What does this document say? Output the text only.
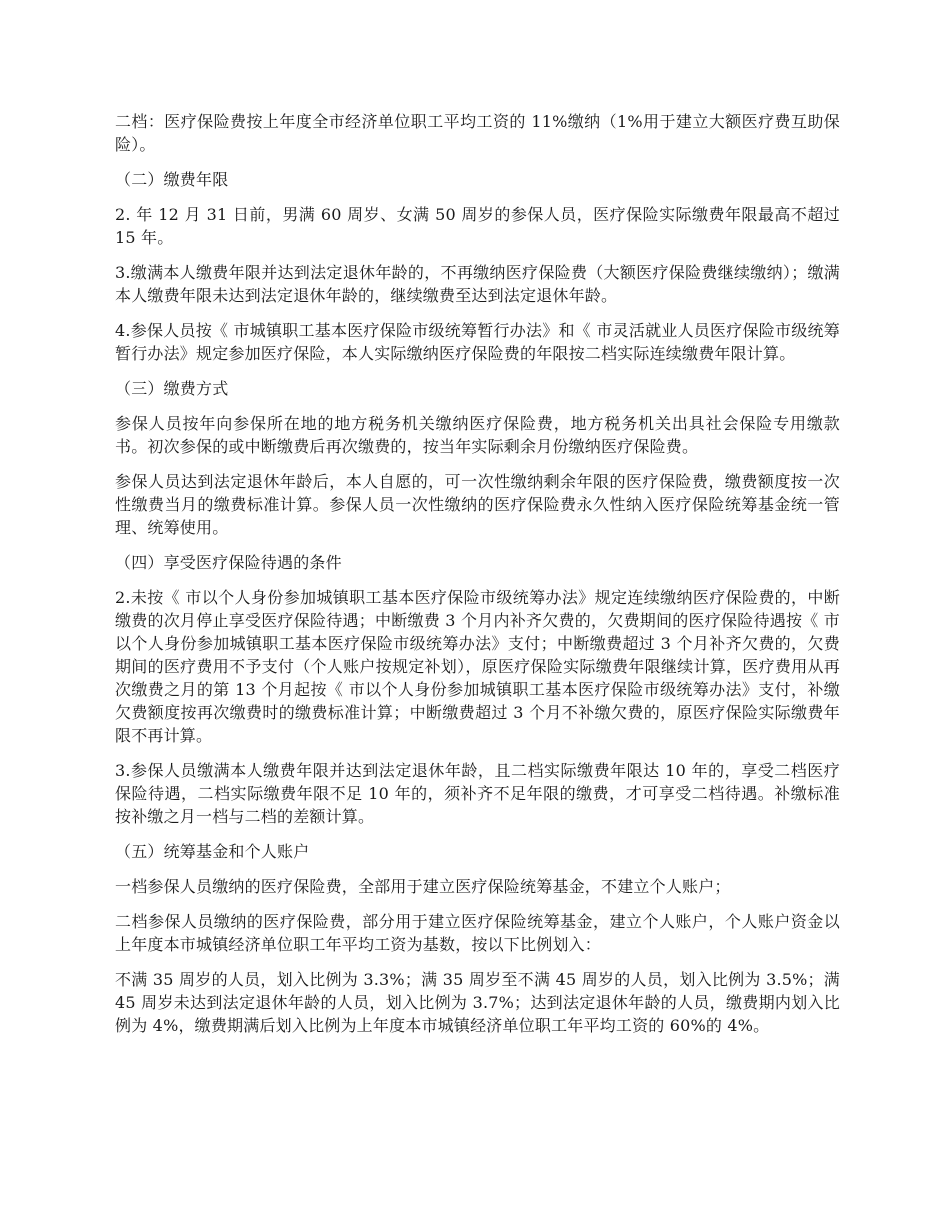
二档：医疗保险费按上年度全市经济单位职工平均工资的 11%缴纳（1%用于建立大额医疗费互助保险）。

（二）缴费年限

2. 年 12 月 31 日前，男满 60 周岁、女满 50 周岁的参保人员，医疗保险实际缴费年限最高不超过 15 年。

3.缴满本人缴费年限并达到法定退休年龄的，不再缴纳医疗保险费（大额医疗保险费继续缴纳）；缴满本人缴费年限未达到法定退休年龄的，继续缴费至达到法定退休年龄。

4.参保人员按《 市城镇职工基本医疗保险市级统筹暂行办法》和《 市灵活就业人员医疗保险市级统筹暂行办法》规定参加医疗保险，本人实际缴纳医疗保险费的年限按二档实际连续缴费年限计算。

（三）缴费方式

参保人员按年向参保所在地的地方税务机关缴纳医疗保险费，地方税务机关出具社会保险专用缴款书。初次参保的或中断缴费后再次缴费的，按当年实际剩余月份缴纳医疗保险费。

参保人员达到法定退休年龄后，本人自愿的，可一次性缴纳剩余年限的医疗保险费，缴费额度按一次性缴费当月的缴费标准计算。参保人员一次性缴纳的医疗保险费永久性纳入医疗保险统筹基金统一管理、统筹使用。

（四）享受医疗保险待遇的条件

2.未按《 市以个人身份参加城镇职工基本医疗保险市级统筹办法》规定连续缴纳医疗保险费的，中断缴费的次月停止享受医疗保险待遇；中断缴费 3 个月内补齐欠费的，欠费期间的医疗保险待遇按《 市以个人身份参加城镇职工基本医疗保险市级统筹办法》支付；中断缴费超过 3 个月补齐欠费的，欠费期间的医疗费用不予支付（个人账户按规定补划），原医疗保险实际缴费年限继续计算，医疗费用从再次缴费之月的第 13 个月起按《 市以个人身份参加城镇职工基本医疗保险市级统筹办法》支付，补缴欠费额度按再次缴费时的缴费标准计算；中断缴费超过 3 个月不补缴欠费的，原医疗保险实际缴费年限不再计算。

3.参保人员缴满本人缴费年限并达到法定退休年龄，且二档实际缴费年限达 10 年的，享受二档医疗保险待遇，二档实际缴费年限不足 10 年的，须补齐不足年限的缴费，才可享受二档待遇。补缴标准按补缴之月一档与二档的差额计算。

（五）统筹基金和个人账户

一档参保人员缴纳的医疗保险费，全部用于建立医疗保险统筹基金，不建立个人账户；

二档参保人员缴纳的医疗保险费，部分用于建立医疗保险统筹基金，建立个人账户，个人账户资金以上年度本市城镇经济单位职工年平均工资为基数，按以下比例划入：

不满 35 周岁的人员，划入比例为 3.3%；满 35 周岁至不满 45 周岁的人员，划入比例为 3.5%；满 45 周岁未达到法定退休年龄的人员，划入比例为 3.7%；达到法定退休年龄的人员，缴费期内划入比例为 4%，缴费期满后划入比例为上年度本市城镇经济单位职工年平均工资的 60%的 4%。
